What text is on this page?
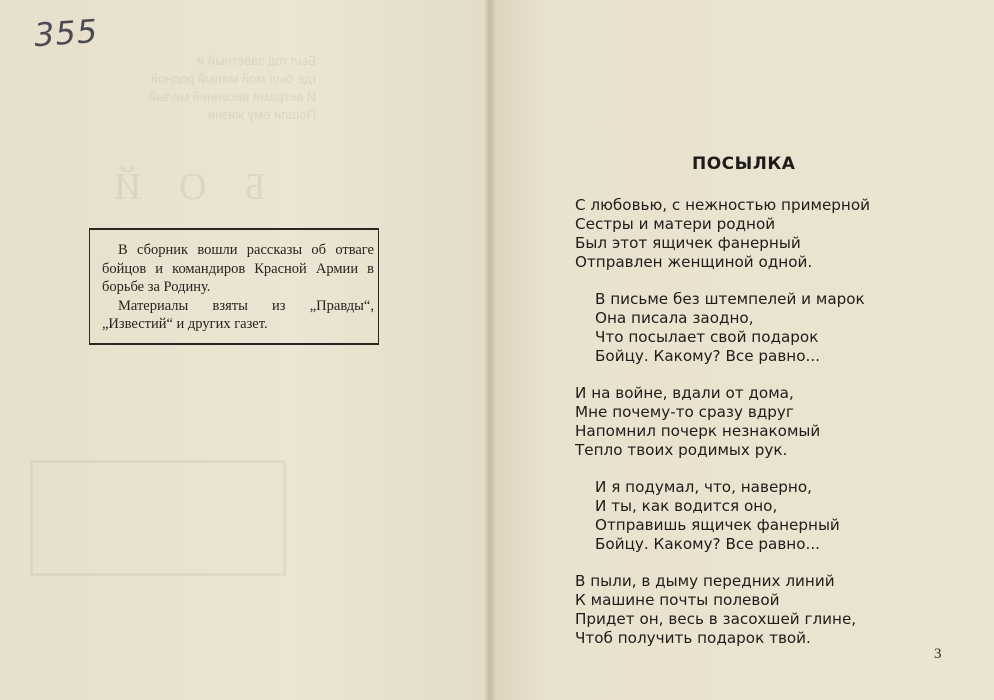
Б О Й
355

В сборник вошли рассказы об отваге бойцов и командиров Красной Армии в борьбе за Родину.

Материалы взяты из „Правды“, „Известий“ и других газет.

Был год заветный и
где был мой милый родной
И ветрами весенний милый
Пошли ему жизни
ПОСЫЛКА
С любовью, с нежностью примерной
Сестры и матери родной
Был этот ящичек фанерный
Отправлен женщиной одной.
В письме без штемпелей и марок
Она писала заодно,
Что посылает свой подарок
Бойцу. Какому? Все равно...
И на войне, вдали от дома,
Мне почему-то сразу вдруг
Напомнил почерк незнакомый
Тепло твоих родимых рук.
И я подумал, что, наверно,
И ты, как водится оно,
Отправишь ящичек фанерный
Бойцу. Какому? Все равно...
В пыли, в дыму передних линий
К машине почты полевой
Придет он, весь в засохшей глине,
Чтоб получить подарок твой.
3
